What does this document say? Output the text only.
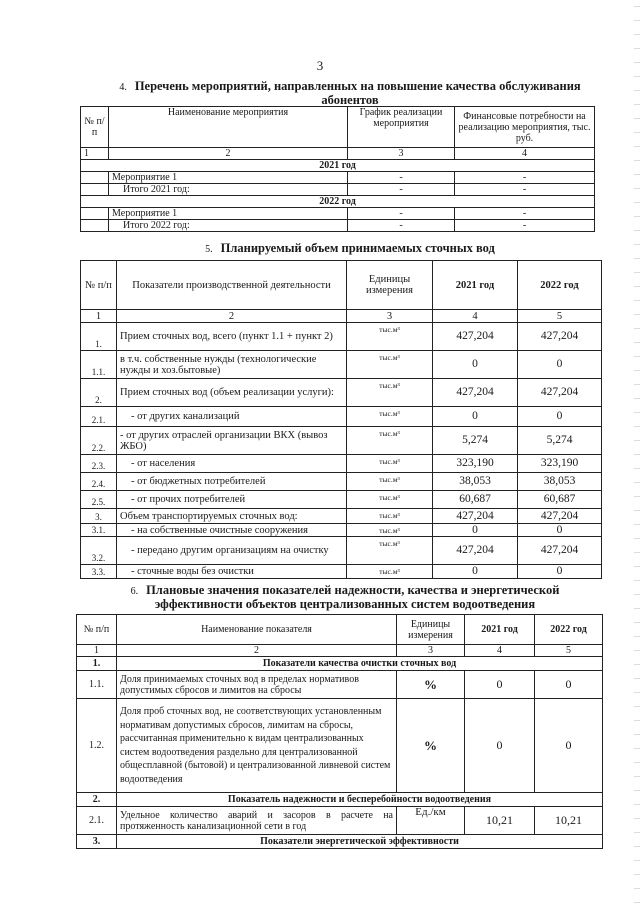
3
4. Перечень мероприятий, направленных на повышение качества обслуживания
абонентов
№ п/п	Наименование мероприятия	График реализации мероприятия	Финансовые потребности на реализацию мероприятия, тыс. руб.
1	2	3	4
2021 год			
	Мероприятие 1	-	-
	Итого 2021 год:	-	-
2022 год			
	Мероприятие 1	-	-
	Итого 2022 год:	-	-
5. Планируемый объем принимаемых сточных вод
№ п/п	Показатели производственной деятельности	Единицы измерения	2021 год	2022 год
1	2	3	4	5
1.	Прием сточных вод, всего (пункт 1.1 + пункт 2)	тыс.м³	427,204	427,204
1.1.	в т.ч. собственные нужды (технологические нужды и хоз.бытовые)	тыс.м³	0	0
2.	Прием сточных вод (объем реализации услуги):	тыс.м³	427,204	427,204
2.1.	- от других канализаций	тыс.м³	0	0
2.2.	- от других отраслей организации ВКХ (вывоз ЖБО)	тыс.м³	5,274	5,274
2.3.	- от населения	тыс.м³	323,190	323,190
2.4.	- от бюджетных потребителей	тыс.м³	38,053	38,053
2.5.	- от прочих потребителей	тыс.м³	60,687	60,687
3.	Объем транспортируемых сточных вод:	тыс.м³	427,204	427,204
3.1.	- на собственные очистные сооружения	тыс.м³	0	0
3.2.	- передано другим организациям на очистку	тыс.м³	427,204	427,204
3.3.	- сточные воды без очистки	тыс.м³	0	0
6. Плановые значения показателей надежности, качества и энергетической
эффективности объектов централизованных систем водоотведения
№ п/п	Наименование показателя	Единицы измерения	2021 год	2022 год
1	2	3	4	5
1.	Показатели качества очистки сточных вод			
1.1.	Доля принимаемых сточных вод в пределах нормативов допустимых сбросов и лимитов на сбросы	%	0	0
1.2.	Доля проб сточных вод, не соответствующих установленным нормативам допустимых сбросов, лимитам на сбросы, рассчитанная применительно к видам централизованных систем водоотведения раздельно для централизованной общесплавной (бытовой) и централизованной ливневой систем водоотведения	%	0	0
2.	Показатель надежности и бесперебойности водоотведения			
2.1.	Удельное количество аварий и засоров в расчете на протяженность канализационной сети в год	Ед./км	10,21	10,21
3.	Показатели энергетической эффективности			
